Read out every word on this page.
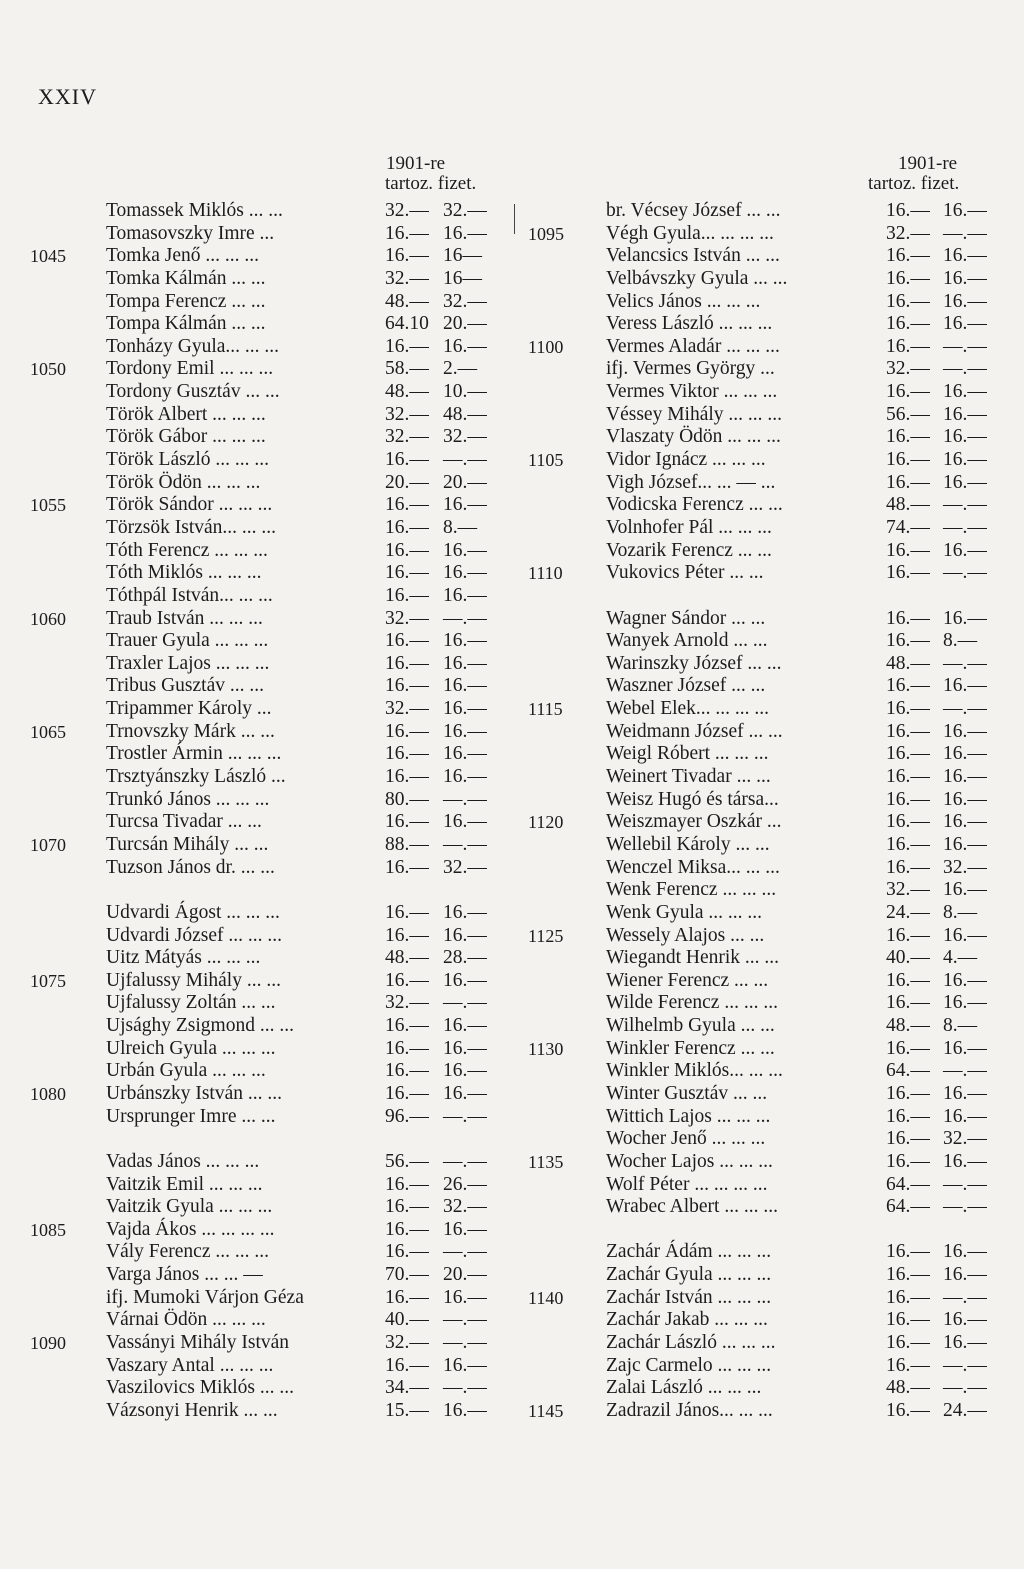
XXIV
1901-re
tartoz. fizet.
Tomassek Miklós ... ...	32.— 32.—
Tomasovszky Imre ...	16.— 16.—
1045	Tomka Jenő ... ... ...	16.— 16—
Tomka Kálmán ... ...	32.— 16—
Tompa Ferencz ... ...	48.— 32.—
Tompa Kálmán ... ...	64.10 20.—
Tonházy Gyula... ... ...	16.— 16.—
1050	Tordony Emil ... ... ...	58.— 2.—
Tordony Gusztáv ... ...	48.— 10.—
Török Albert ... ... ...	32.— 48.—
Török Gábor ... ... ...	32.— 32.—
Török László ... ... ...	16.— —.—
Török Ödön ... ... ...	20.— 20.—
1055	Török Sándor ... ... ...	16.— 16.—
Törzsök István... ... ...	16.— 8.—
Tóth Ferencz ... ... ...	16.— 16.—
Tóth Miklós ... ... ...	16.— 16.—
Tóthpál István... ... ...	16.— 16.—
1060	Traub István ... ... ...	32.— —.—
Trauer Gyula ... ... ...	16.— 16.—
Traxler Lajos ... ... ...	16.— 16.—
Tribus Gusztáv ... ...	16.— 16.—
Tripammer Károly ...	32.— 16.—
1065	Trnovszky Márk ... ...	16.— 16.—
Trostler Ármin ... ... ...	16.— 16.—
Trsztyánszky László ...	16.— 16.—
Trunkó János ... ... ...	80.— —.—
Turcsa Tivadar ... ...	16.— 16.—
1070	Turcsán Mihály ... ...	88.— —.—
Tuzson János dr. ... ...	16.— 32.—
Udvardi Ágost ... ... ...	16.— 16.—
Udvardi József ... ... ...	16.— 16.—
Uitz Mátyás ... ... ...	48.— 28.—
1075	Ujfalussy Mihály ... ...	16.— 16.—
Ujfalussy Zoltán ... ...	32.— —.—
Ujsághy Zsigmond ... ...	16.— 16.—
Ulreich Gyula ... ... ...	16.— 16.—
Urbán Gyula ... ... ...	16.— 16.—
1080	Urbánszky István ... ...	16.— 16.—
Ursprunger Imre ... ...	96.— —.—
Vadas János ... ... ...	56.— —.—
Vaitzik Emil ... ... ...	16.— 26.—
Vaitzik Gyula ... ... ...	16.— 32.—
1085	Vajda Ákos ... ... ... ...	16.— 16.—
Vály Ferencz ... ... ...	16.— —.—
Varga János ... ... —	70.— 20.—
ifj. Mumoki Várjon Géza	16.— 16.—
Várnai Ödön ... ... ...	40.— —.—
1090	Vassányi Mihály István	32.— —.—
Vaszary Antal ... ... ...	16.— 16.—
Vaszilovics Miklós ... ...	34.— —.—
Vázsonyi Henrik ... ...	15.— 16.—
1901-re
tartoz. fizet.
br. Vécsey József ... ...	16.— 16.—
1095	Végh Gyula... ... ... ...	32.— —.—
Velancsics István ... ...	16.— 16.—
Velbávszky Gyula ... ...	16.— 16.—
Velics János ... ... ...	16.— 16.—
Veress László ... ... ...	16.— 16.—
1100	Vermes Aladár ... ... ...	16.— —.—
ifj. Vermes György ...	32.— —.—
Vermes Viktor ... ... ...	16.— 16.—
Véssey Mihály ... ... ...	56.— 16.—
Vlaszaty Ödön ... ... ...	16.— 16.—
1105	Vidor Ignácz ... ... ...	16.— 16.—
Vigh József... ... — ...	16.— 16.—
Vodicska Ferencz ... ...	48.— —.—
Volnhofer Pál ... ... ...	74.— —.—
Vozarik Ferencz ... ...	16.— 16.—
1110	Vukovics Péter ... ...	16.— —.—
Wagner Sándor ... ...	16.— 16.—
Wanyek Arnold ... ...	16.— 8.—
Warinszky József ... ...	48.— —.—
Waszner József ... ...	16.— 16.—
1115	Webel Elek... ... ... ...	16.— —.—
Weidmann József ... ...	16.— 16.—
Weigl Róbert ... ... ...	16.— 16.—
Weinert Tivadar ... ...	16.— 16.—
Weisz Hugó és társa...	16.— 16.—
1120	Weiszmayer Oszkár ...	16.— 16.—
Wellebil Károly ... ...	16.— 16.—
Wenczel Miksa... ... ...	16.— 32.—
Wenk Ferencz ... ... ...	32.— 16.—
Wenk Gyula ... ... ...	24.— 8.—
1125	Wessely Alajos ... ...	16.— 16.—
Wiegandt Henrik ... ...	40.— 4.—
Wiener Ferencz ... ...	16.— 16.—
Wilde Ferencz ... ... ...	16.— 16.—
Wilhelmb Gyula ... ...	48.— 8.—
1130	Winkler Ferencz ... ...	16.— 16.—
Winkler Miklós... ... ...	64.— —.—
Winter Gusztáv ... ...	16.— 16.—
Wittich Lajos ... ... ...	16.— 16.—
Wocher Jenő ... ... ...	16.— 32.—
1135	Wocher Lajos ... ... ...	16.— 16.—
Wolf Péter ... ... ... ...	64.— —.—
Wrabec Albert ... ... ...	64.— —.—
Zachár Ádám ... ... ...	16.— 16.—
Zachár Gyula ... ... ...	16.— 16.—
1140	Zachár István ... ... ...	16.— —.—
Zachár Jakab ... ... ...	16.— 16.—
Zachár László ... ... ...	16.— 16.—
Zajc Carmelo ... ... ...	16.— —.—
Zalai László ... ... ...	48.— —.—
1145	Zadrazil János... ... ...	16.— 24.—
